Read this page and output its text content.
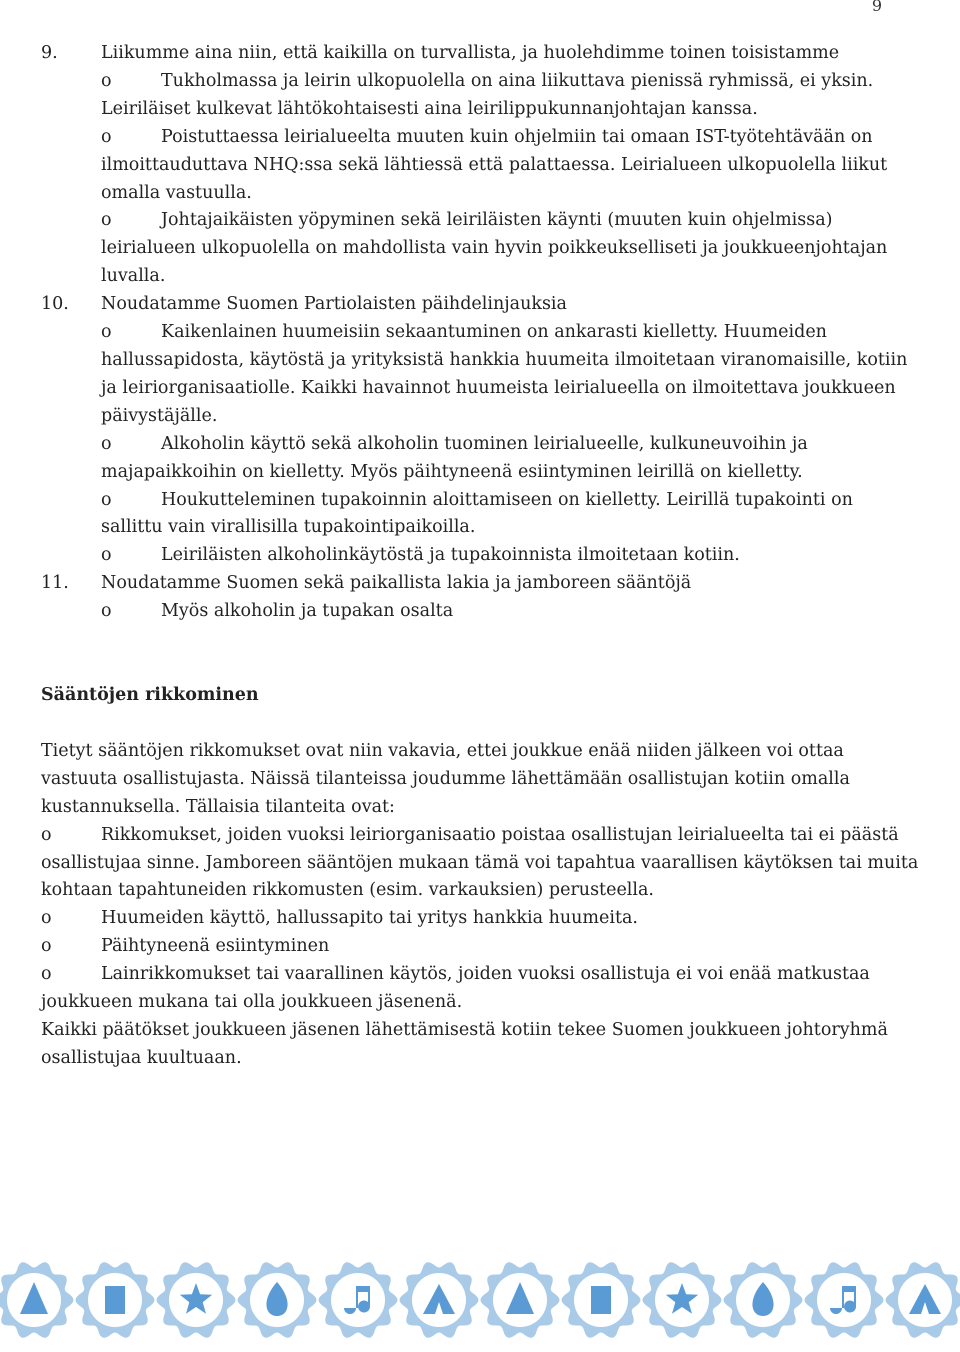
9
9. Liikumme aina niin, että kaikilla on turvallista, ja huolehdimme toinen toisistamme
o	Tukholmassa ja leirin ulkopuolella on aina liikuttava pienissä ryhmissä, ei yksin.
Leiriläiset kulkevat lähtökohtaisesti aina leirilippukunnanjohtajan kanssa.
o	Poistuttaessa leirialueelta muuten kuin ohjelmiin tai omaan IST-työtehtävään on
ilmoittauduttava NHQ:ssa sekä lähtiessä että palattaessa. Leirialueen ulkopuolella liikut
omalla vastuulla.
o	Johtajaikäisten yöpyminen sekä leiriläisten käynti (muuten kuin ohjelmissa)
leirialueen ulkopuolella on mahdollista vain hyvin poikkeukselliseti ja joukkueenjohtajan
luvalla.
10. Noudatamme Suomen Partiolaisten päihdelinjauksia
o	Kaikenlainen huumeisiin sekaantuminen on ankarasti kielletty. Huumeiden
hallussapidosta, käytöstä ja yrityksistä hankkia huumeita ilmoitetaan viranomaisille, kotiin
ja leiriorganisaatiolle. Kaikki havainnot huumeista leirialueella on ilmoitettava joukkueen
päivystäjälle.
o	Alkoholin käyttö sekä alkoholin tuominen leirialueelle, kulkuneuvoihin ja
majapaikkoihin on kielletty. Myös päihtyneenä esiintyminen leirillä on kielletty.
o	Houkutteleminen tupakoinnin aloittamiseen on kielletty. Leirillä tupakointi on
sallittu vain virallisilla tupakointipaikoilla.
o	Leiriläisten alkoholinkäytöstä ja tupakoinnista ilmoitetaan kotiin.
11. Noudatamme Suomen sekä paikallista lakia ja jamboreen sääntöjä
o	Myös alkoholin ja tupakan osalta
Sääntöjen rikkominen
Tietyt sääntöjen rikkomukset ovat niin vakavia, ettei joukkue enää niiden jälkeen voi ottaa
vastuuta osallistujasta. Näissä tilanteissa joudumme lähettämään osallistujan kotiin omalla
kustannuksella. Tällaisia tilanteita ovat:
o	Rikkomukset, joiden vuoksi leiriorganisaatio poistaa osallistujan leirialueelta tai ei päästä
osallistujaa sinne. Jamboreen sääntöjen mukaan tämä voi tapahtua vaarallisen käytöksen tai muita
kohtaan tapahtuneiden rikkomusten (esim. varkauksien) perusteella.
o	Huumeiden käyttö, hallussapito tai yritys hankkia huumeita.
o	Päihtyneenä esiintyminen
o	Lainrikkomukset tai vaarallinen käytös, joiden vuoksi osallistuja ei voi enää matkustaa
joukkueen mukana tai olla joukkueen jäsenenä.
Kaikki päätökset joukkueen jäsenen lähettämisestä kotiin tekee Suomen joukkueen johtoryhmä
osallistujaa kuultuaan.
